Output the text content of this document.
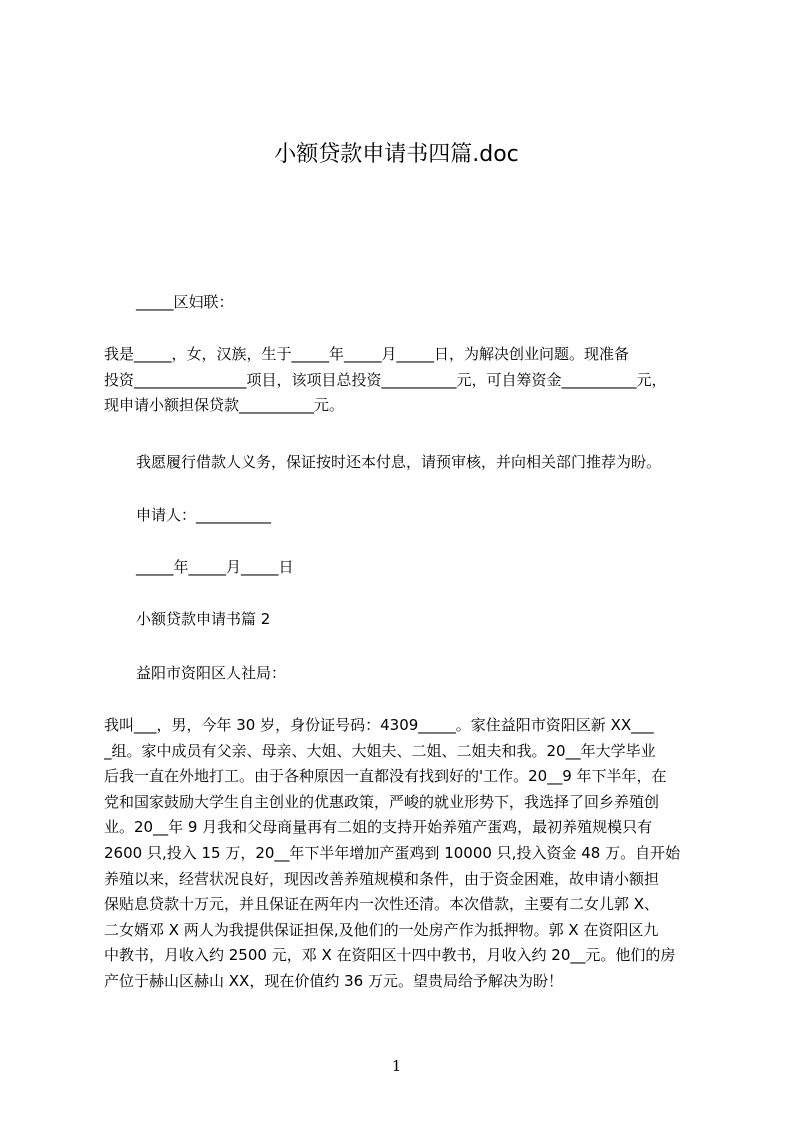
小额贷款申请书四篇.doc
_____区妇联：
我是_____，女，汉族，生于_____年_____月_____日，为解决创业问题。现准备
投资_______________项目，该项目总投资__________元，可自筹资金__________元，
现申请小额担保贷款__________元。
我愿履行借款人义务，保证按时还本付息，请预审核，并向相关部门推荐为盼。
申请人：__________
_____年_____月_____日
小额贷款申请书篇 2
益阳市资阳区人社局：
我叫___，男，今年 30 岁，身份证号码：4309_____。家住益阳市资阳区新 XX___
_组。家中成员有父亲、母亲、大姐、大姐夫、二姐、二姐夫和我。20__年大学毕业
后我一直在外地打工。由于各种原因一直都没有找到好的'工作。20__9 年下半年，在
党和国家鼓励大学生自主创业的优惠政策，严峻的就业形势下，我选择了回乡养殖创
业。20__年 9 月我和父母商量再有二姐的支持开始养殖产蛋鸡，最初养殖规模只有
2600 只,投入 15 万，20__年下半年增加产蛋鸡到 10000 只,投入资金 48 万。自开始
养殖以来，经营状况良好，现因改善养殖规模和条件，由于资金困难，故申请小额担
保贴息贷款十万元，并且保证在两年内一次性还清。本次借款，主要有二女儿郭 X、
二女婿邓 X 两人为我提供保证担保,及他们的一处房产作为抵押物。郭 X 在资阳区九
中教书，月收入约 2500 元，邓 X 在资阳区十四中教书，月收入约 20__元。他们的房
产位于赫山区赫山 XX，现在价值约 36 万元。望贵局给予解决为盼！
1
